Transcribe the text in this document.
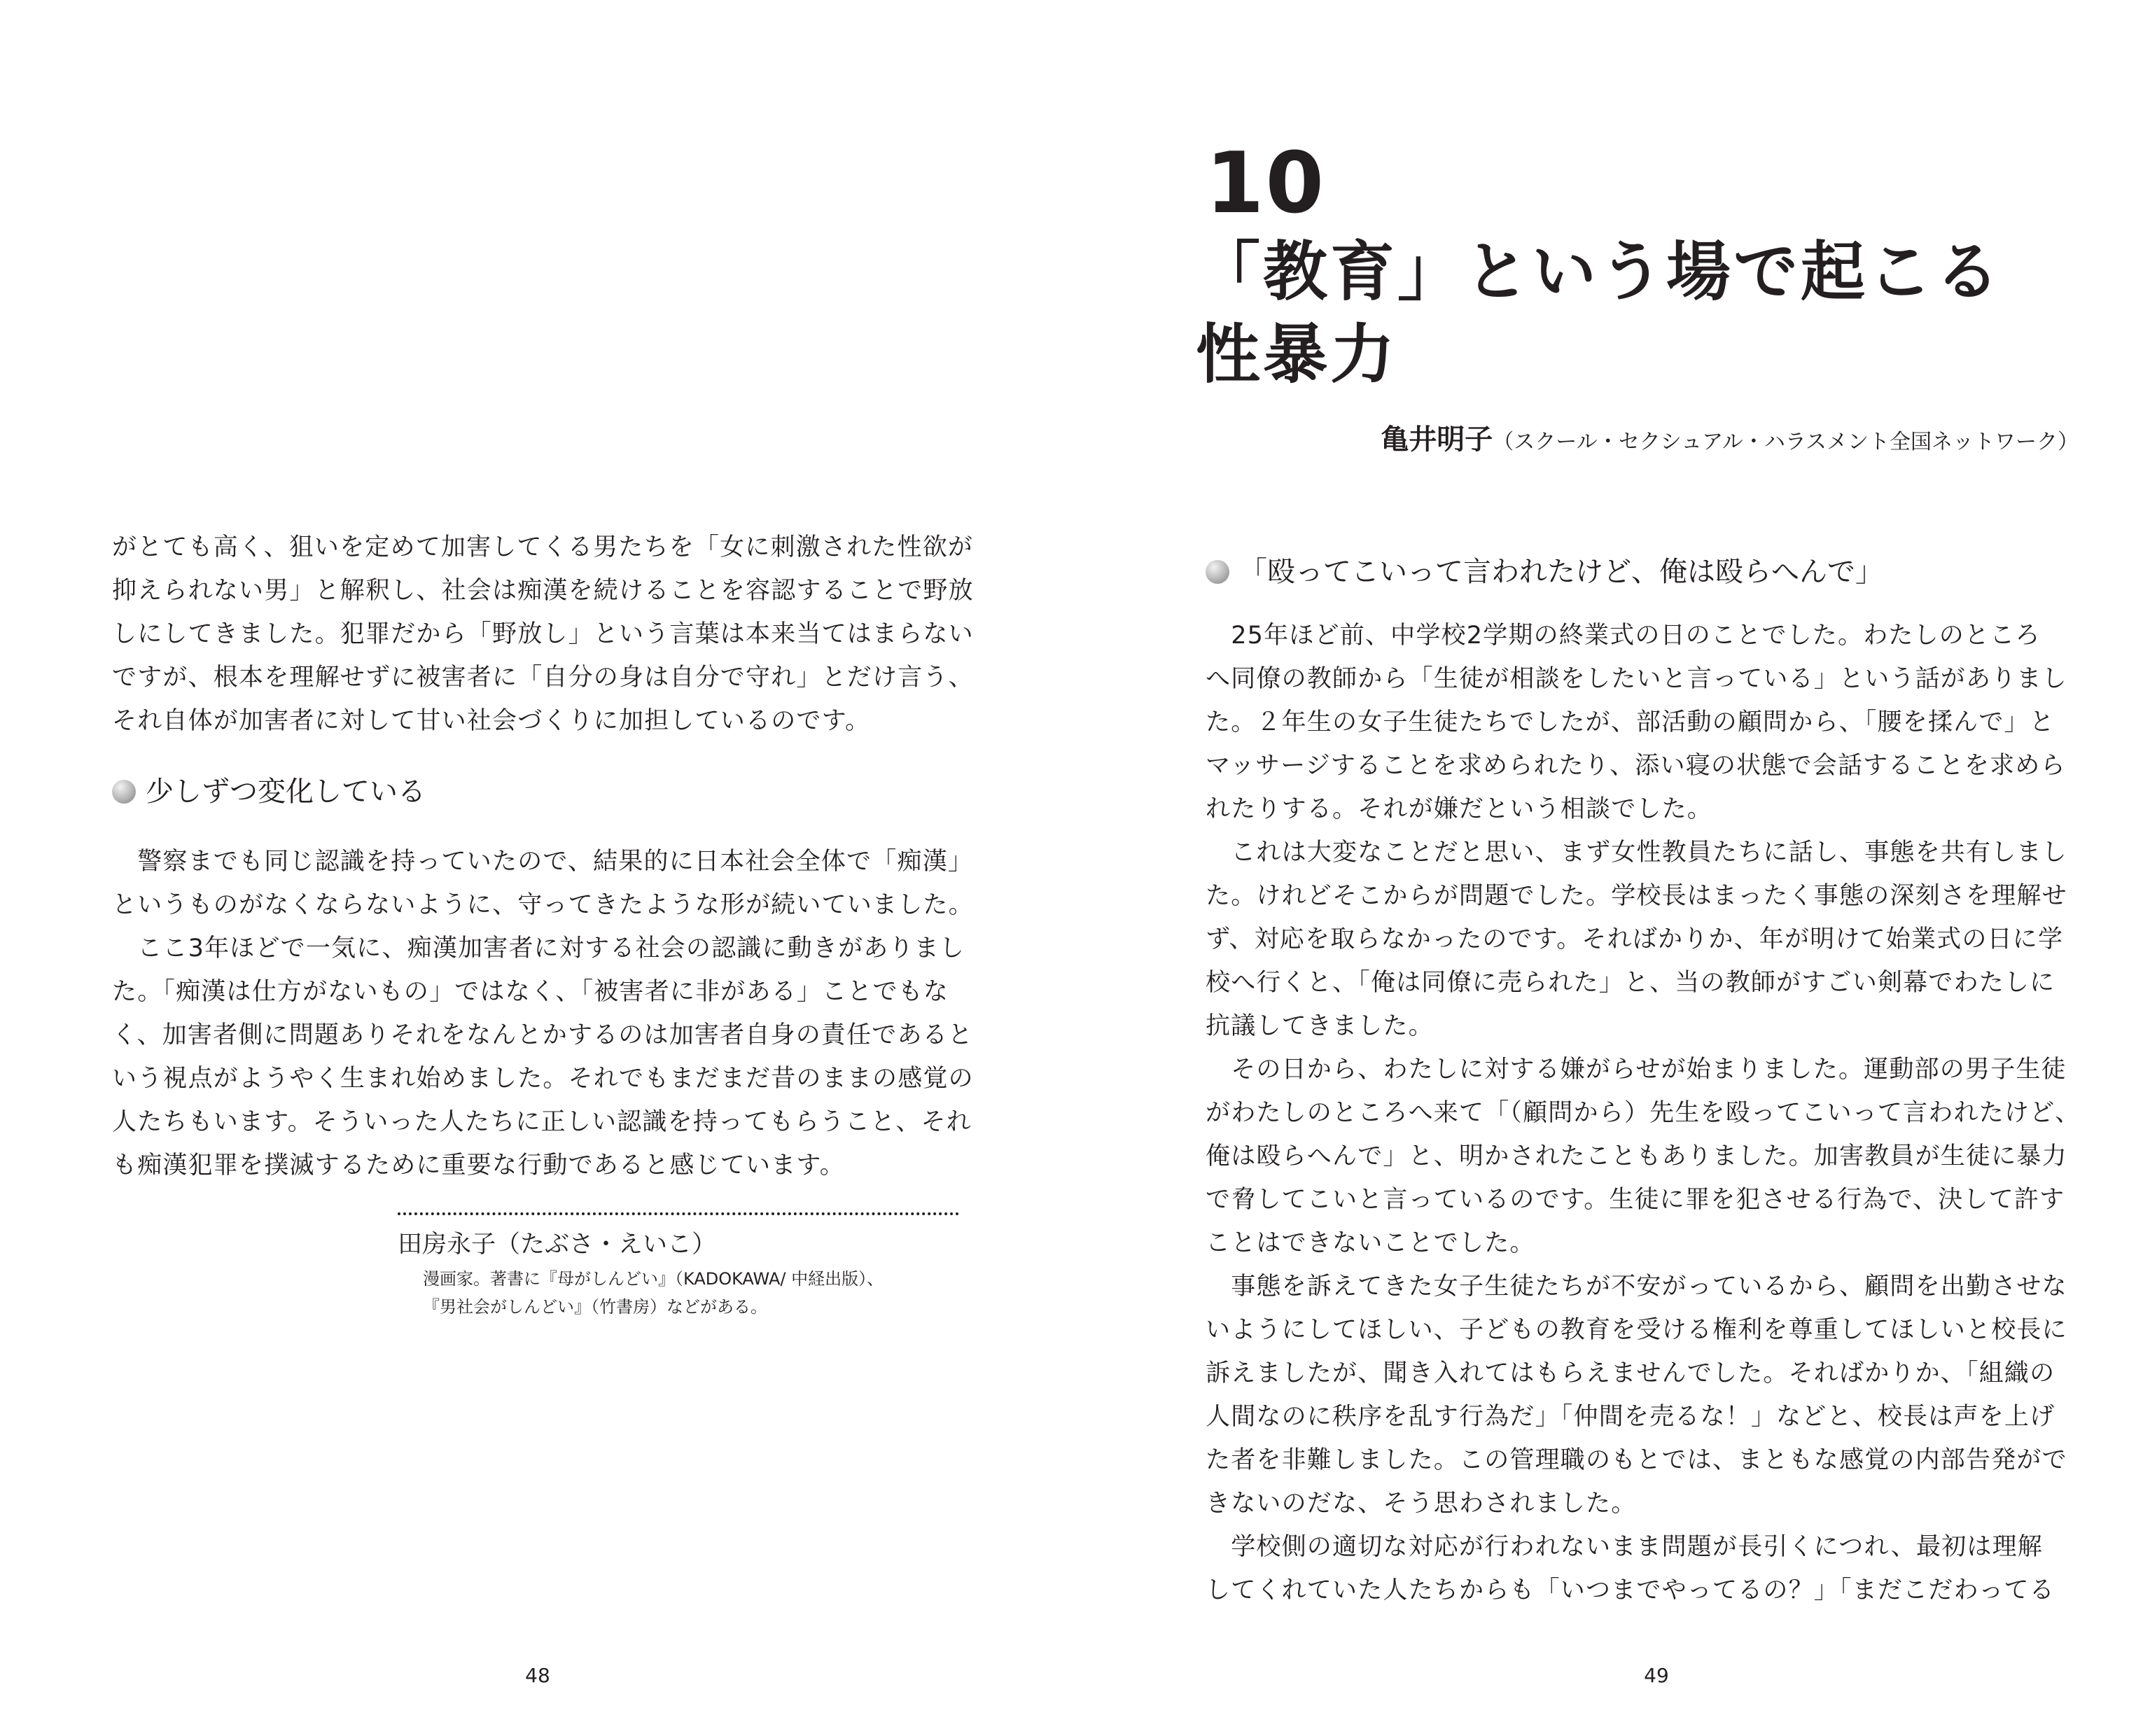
がとても高く、狙いを定めて加害してくる男たちを「女に刺激された性欲が
抑えられない男」と解釈し、社会は痴漢を続けることを容認することで野放
しにしてきました。犯罪だから「野放し」という言葉は本来当てはまらない
ですが、根本を理解せずに被害者に「自分の身は自分で守れ」とだけ言う、
それ自体が加害者に対して甘い社会づくりに加担しているのです。

少しずつ変化している

　警察までも同じ認識を持っていたので、結果的に日本社会全体で「痴漢」
というものがなくならないように、守ってきたような形が続いていました。
　ここ3年ほどで一気に、痴漢加害者に対する社会の認識に動きがありまし
た。「痴漢は仕方がないもの」ではなく、「被害者に非がある」ことでもな
く、加害者側に問題ありそれをなんとかするのは加害者自身の責任であると
いう視点がようやく生まれ始めました。それでもまだまだ昔のままの感覚の
人たちもいます。そういった人たちに正しい認識を持ってもらうこと、それ
も痴漢犯罪を撲滅するために重要な行動であると感じています。

田房永子（たぶさ・えいこ）

漫画家。著書に『母がしんどい』（KADOKAWA/ 中経出版）、
『男社会がしんどい』（竹書房）などがある。

48	49
10
「教育」という場で起こる
性暴力

亀井明子 （スクール・セクシュアル・ハラスメント全国ネットワーク）

「殴ってこいって言われたけど、俺は殴らへんで」

　25年ほど前、中学校2学期の終業式の日のことでした。わたしのところ
へ同僚の教師から「生徒が相談をしたいと言っている」という話がありまし
た。２年生の女子生徒たちでしたが、部活動の顧問から、「腰を揉んで」と
マッサージすることを求められたり、添い寝の状態で会話することを求めら
れたりする。それが嫌だという相談でした。
　これは大変なことだと思い、まず女性教員たちに話し、事態を共有しまし
た。けれどそこからが問題でした。学校長はまったく事態の深刻さを理解せ
ず、対応を取らなかったのです。そればかりか、年が明けて始業式の日に学
校へ行くと、「俺は同僚に売られた」と、当の教師がすごい剣幕でわたしに
抗議してきました。
　その日から、わたしに対する嫌がらせが始まりました。運動部の男子生徒
がわたしのところへ来て「（顧問から）先生を殴ってこいって言われたけど、
俺は殴らへんで」と、明かされたこともありました。加害教員が生徒に暴力
で脅してこいと言っているのです。生徒に罪を犯させる行為で、決して許す
ことはできないことでした。
　事態を訴えてきた女子生徒たちが不安がっているから、顧問を出勤させな
いようにしてほしい、子どもの教育を受ける権利を尊重してほしいと校長に
訴えましたが、聞き入れてはもらえませんでした。そればかりか、「組織の
人間なのに秩序を乱す行為だ」「仲間を売るな！」などと、校長は声を上げ
た者を非難しました。この管理職のもとでは、まともな感覚の内部告発がで
きないのだな、そう思わされました。
　学校側の適切な対応が行われないまま問題が長引くにつれ、最初は理解
してくれていた人たちからも「いつまでやってるの？」「まだこだわってる
